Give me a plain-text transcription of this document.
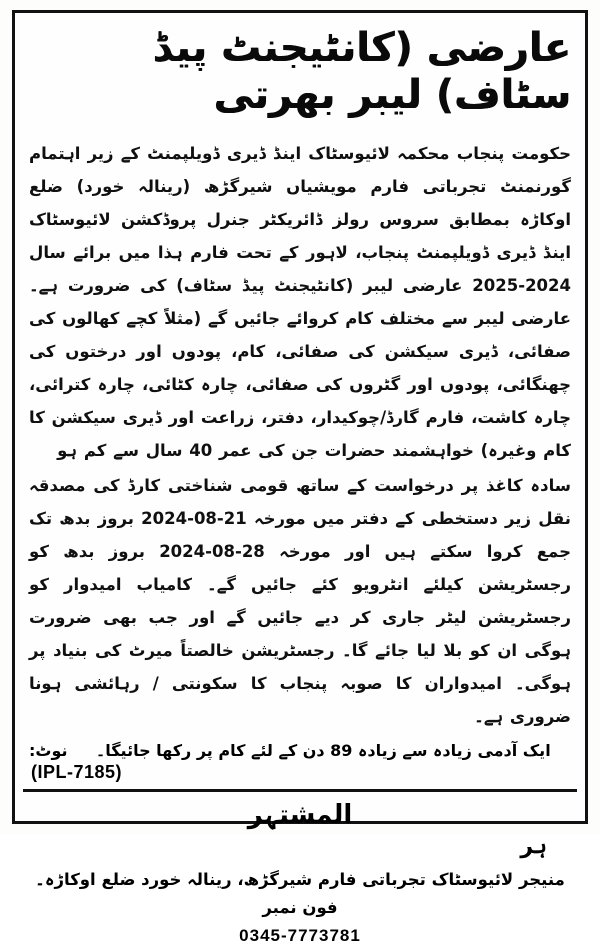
عارضی (کانٹیجنٹ پیڈ سٹاف) لیبر بھرتی

حکومت پنجاب محکمہ لائیوسٹاک اینڈ ڈیری ڈویلپمنٹ کے زیر اہتمام گورنمنٹ تجرباتی فارم مویشیاں شیرگڑھ (رینالہ خورد) ضلع اوکاڑہ بمطابق سروس رولز ڈائریکٹر جنرل پروڈکشن لائیوسٹاک اینڈ ڈیری ڈویلپمنٹ پنجاب، لاہور کے تحت فارم ہذا میں برائے سال 2024-2025 عارضی لیبر (کانٹیجنٹ پیڈ سٹاف) کی ضرورت ہے۔ عارضی لیبر سے مختلف کام کروائے جائیں گے (مثلاً کچے کھالوں کی صفائی، ڈیری سیکشن کی صفائی، کام، پودوں اور درختوں کی چھنگائی، پودوں اور گٹروں کی صفائی، چارہ کٹائی، چارہ کترائی، چارہ کاشت، فارم گارڈ/چوکیدار، دفتر، زراعت اور ڈیری سیکشن کا کام وغیرہ) خواہشمند حضرات جن کی عمر 40 سال سے کم ہو

سادہ کاغذ پر درخواست کے ساتھ قومی شناختی کارڈ کی مصدقہ نقل زیر دستخطی کے دفتر میں مورخہ 21-08-2024 بروز بدھ تک جمع کروا سکتے ہیں اور مورخہ 28-08-2024 بروز بدھ کو رجسٹریشن کیلئے انٹرویو کئے جائیں گے۔ کامیاب امیدوار کو رجسٹریشن لیٹر جاری کر دیے جائیں گے اور جب بھی ضرورت ہوگی ان کو بلا لیا جائے گا۔ رجسٹریشن خالصتاً میرٹ کی بنیاد پر ہوگی۔ امیدواران کا صوبہ پنجاب کا سکونتی / رہائشی ہونا ضروری ہے۔

نوٹ:	ایک آدمی زیادہ سے زیادہ 89 دن کے لئے کام پر رکھا جائیگا۔
(IPL-7185)
المشتہر
ہر
منیجر لائیوسٹاک تجرباتی فارم شیرگڑھ، رینالہ خورد ضلع اوکاڑہ۔
فون نمبر
0345-7773781
